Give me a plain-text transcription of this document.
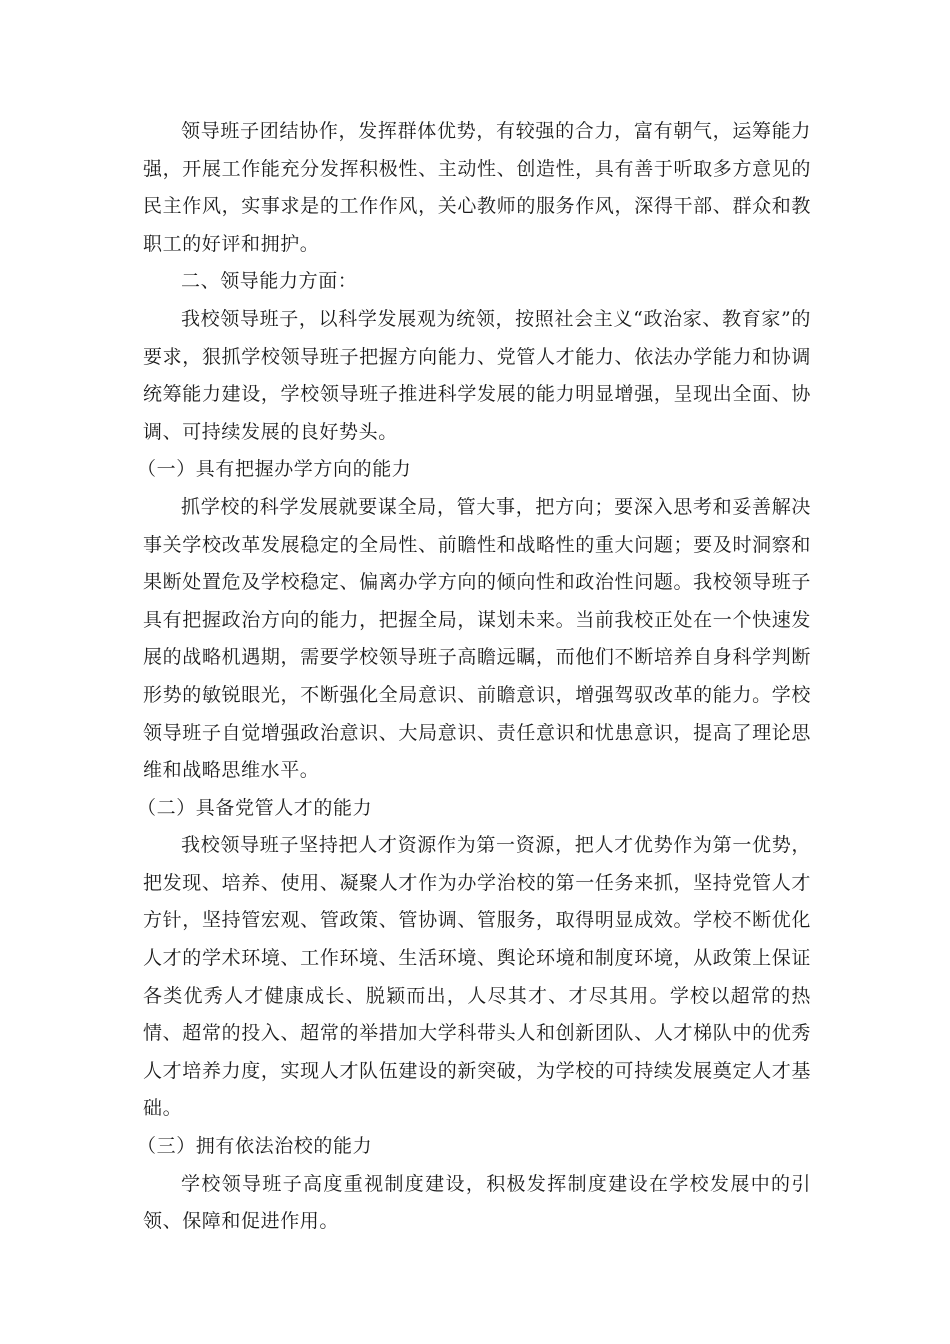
领导班子团结协作，发挥群体优势，有较强的合力，富有朝气，运筹能力强，开展工作能充分发挥积极性、主动性、创造性，具有善于听取多方意见的民主作风，实事求是的工作作风，关心教师的服务作风，深得干部、群众和教职工的好评和拥护。

二、领导能力方面：

我校领导班子，以科学发展观为统领，按照社会主义“政治家、教育家”的要求，狠抓学校领导班子把握方向能力、党管人才能力、依法办学能力和协调统筹能力建设，学校领导班子推进科学发展的能力明显增强，呈现出全面、协调、可持续发展的良好势头。

（一）具有把握办学方向的能力

抓学校的科学发展就要谋全局，管大事，把方向；要深入思考和妥善解决事关学校改革发展稳定的全局性、前瞻性和战略性的重大问题；要及时洞察和果断处置危及学校稳定、偏离办学方向的倾向性和政治性问题。我校领导班子具有把握政治方向的能力，把握全局，谋划未来。当前我校正处在一个快速发展的战略机遇期，需要学校领导班子高瞻远瞩，而他们不断培养自身科学判断形势的敏锐眼光，不断强化全局意识、前瞻意识，增强驾驭改革的能力。学校领导班子自觉增强政治意识、大局意识、责任意识和忧患意识，提高了理论思维和战略思维水平。

（二）具备党管人才的能力

我校领导班子坚持把人才资源作为第一资源，把人才优势作为第一优势，把发现、培养、使用、凝聚人才作为办学治校的第一任务来抓，坚持党管人才方针，坚持管宏观、管政策、管协调、管服务，取得明显成效。学校不断优化人才的学术环境、工作环境、生活环境、舆论环境和制度环境，从政策上保证各类优秀人才健康成长、脱颖而出，人尽其才、才尽其用。学校以超常的热情、超常的投入、超常的举措加大学科带头人和创新团队、人才梯队中的优秀人才培养力度，实现人才队伍建设的新突破，为学校的可持续发展奠定人才基础。

（三）拥有依法治校的能力

学校领导班子高度重视制度建设，积极发挥制度建设在学校发展中的引领、保障和促进作用。
